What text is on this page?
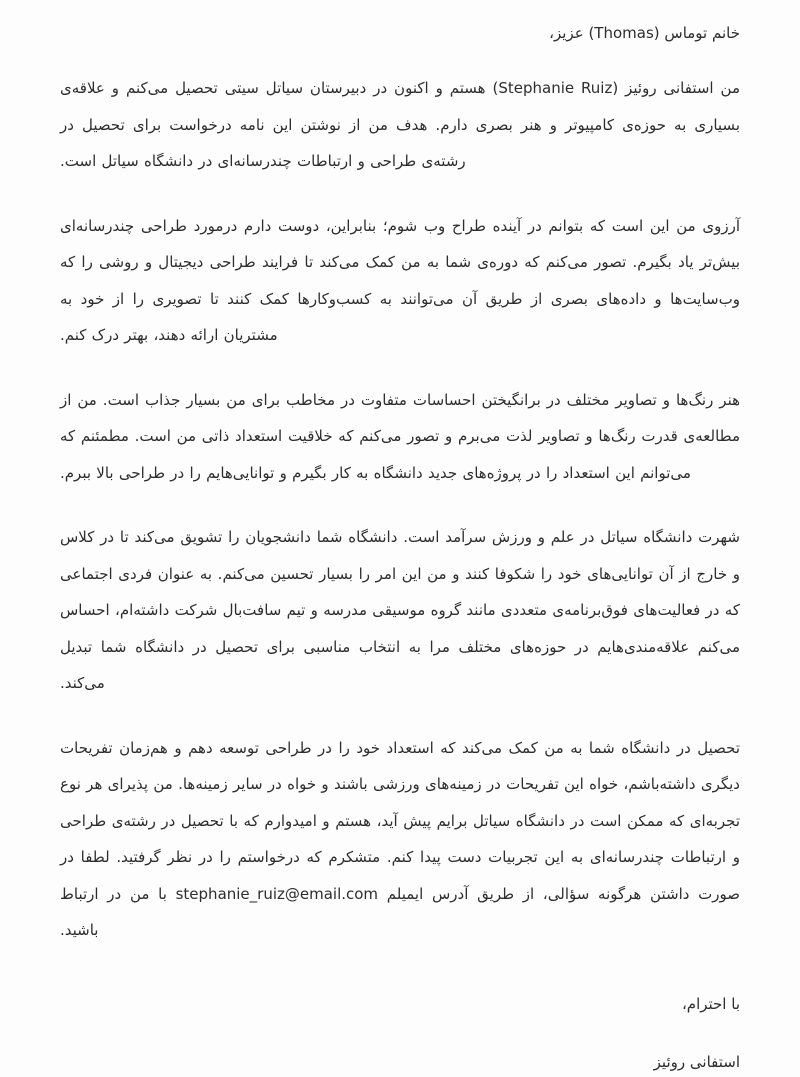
خانم توماس (Thomas) عزیز،

من استفانی روئیز (Stephanie Ruiz) هستم و اکنون در دبیرستان سیاتل سیتی تحصیل می‌کنم و علاقه‌ی بسیاری به حوزه‌ی کامپیوتر و هنر بصری دارم. هدف من از نوشتن این نامه درخواست برای تحصیل در رشته‌ی طراحی و ارتباطات چندرسانه‌ای در دانشگاه سیاتل است.

آرزوی من این است که بتوانم در آینده طراح وب شوم؛ بنابراین، دوست دارم درمورد طراحی چندرسانه‌ای بیش‌تر یاد بگیرم. تصور می‌کنم که دوره‌ی شما به من کمک می‌کند تا فرایند طراحی دیجیتال و روشی را که وب‌سایت‌ها و داده‌های بصری از طریق آن می‌توانند به کسب‌وکارها کمک کنند تا تصویری را از خود به مشتریان ارائه دهند، بهتر درک کنم.

هنر رنگ‌ها و تصاویر مختلف در برانگیختن احساسات متفاوت در مخاطب برای من بسیار جذاب است. من از مطالعه‌ی قدرت رنگ‌ها و تصاویر لذت می‌برم و تصور می‌کنم که خلاقیت استعداد ذاتی من است. مطمئنم که می‌توانم این استعداد را در پروژه‌های جدید دانشگاه به کار بگیرم و توانایی‌هایم را در طراحی بالا ببرم.

شهرت دانشگاه سیاتل در علم و ورزش سرآمد است. دانشگاه شما دانشجویان را تشویق می‌کند تا در کلاس و خارج از آن توانایی‌های خود را شکوفا کنند و من این امر را بسیار تحسین می‌کنم. به عنوان فردی اجتماعی که در فعالیت‌های فوق‌برنامه‌ی متعددی مانند گروه موسیقی مدرسه و تیم سافت‌بال شرکت داشته‌ام، احساس می‌کنم علاقه‌مندی‌هایم در حوزه‌های مختلف مرا به انتخاب مناسبی برای تحصیل در دانشگاه شما تبدیل می‌کند.

تحصیل در دانشگاه شما به من کمک می‌کند که استعداد خود را در طراحی توسعه دهم و هم‌زمان تفریحات دیگری داشته‌باشم، خواه این تفریحات در زمینه‌های ورزشی باشند و خواه در سایر زمینه‌ها. من پذیرای هر نوع تجربه‌ای که ممکن است در دانشگاه سیاتل برایم پیش آید، هستم و امیدوارم که با تحصیل در رشته‌ی طراحی و ارتباطات چندرسانه‌ای به این تجربیات دست پیدا کنم. متشکرم که درخواستم را در نظر گرفتید. لطفا در صورت داشتن هرگونه سؤالی، از طریق آدرس ایمیلم stephanie_ruiz@email.com با من در ارتباط باشید.

با احترام،

استفانی روئیز
